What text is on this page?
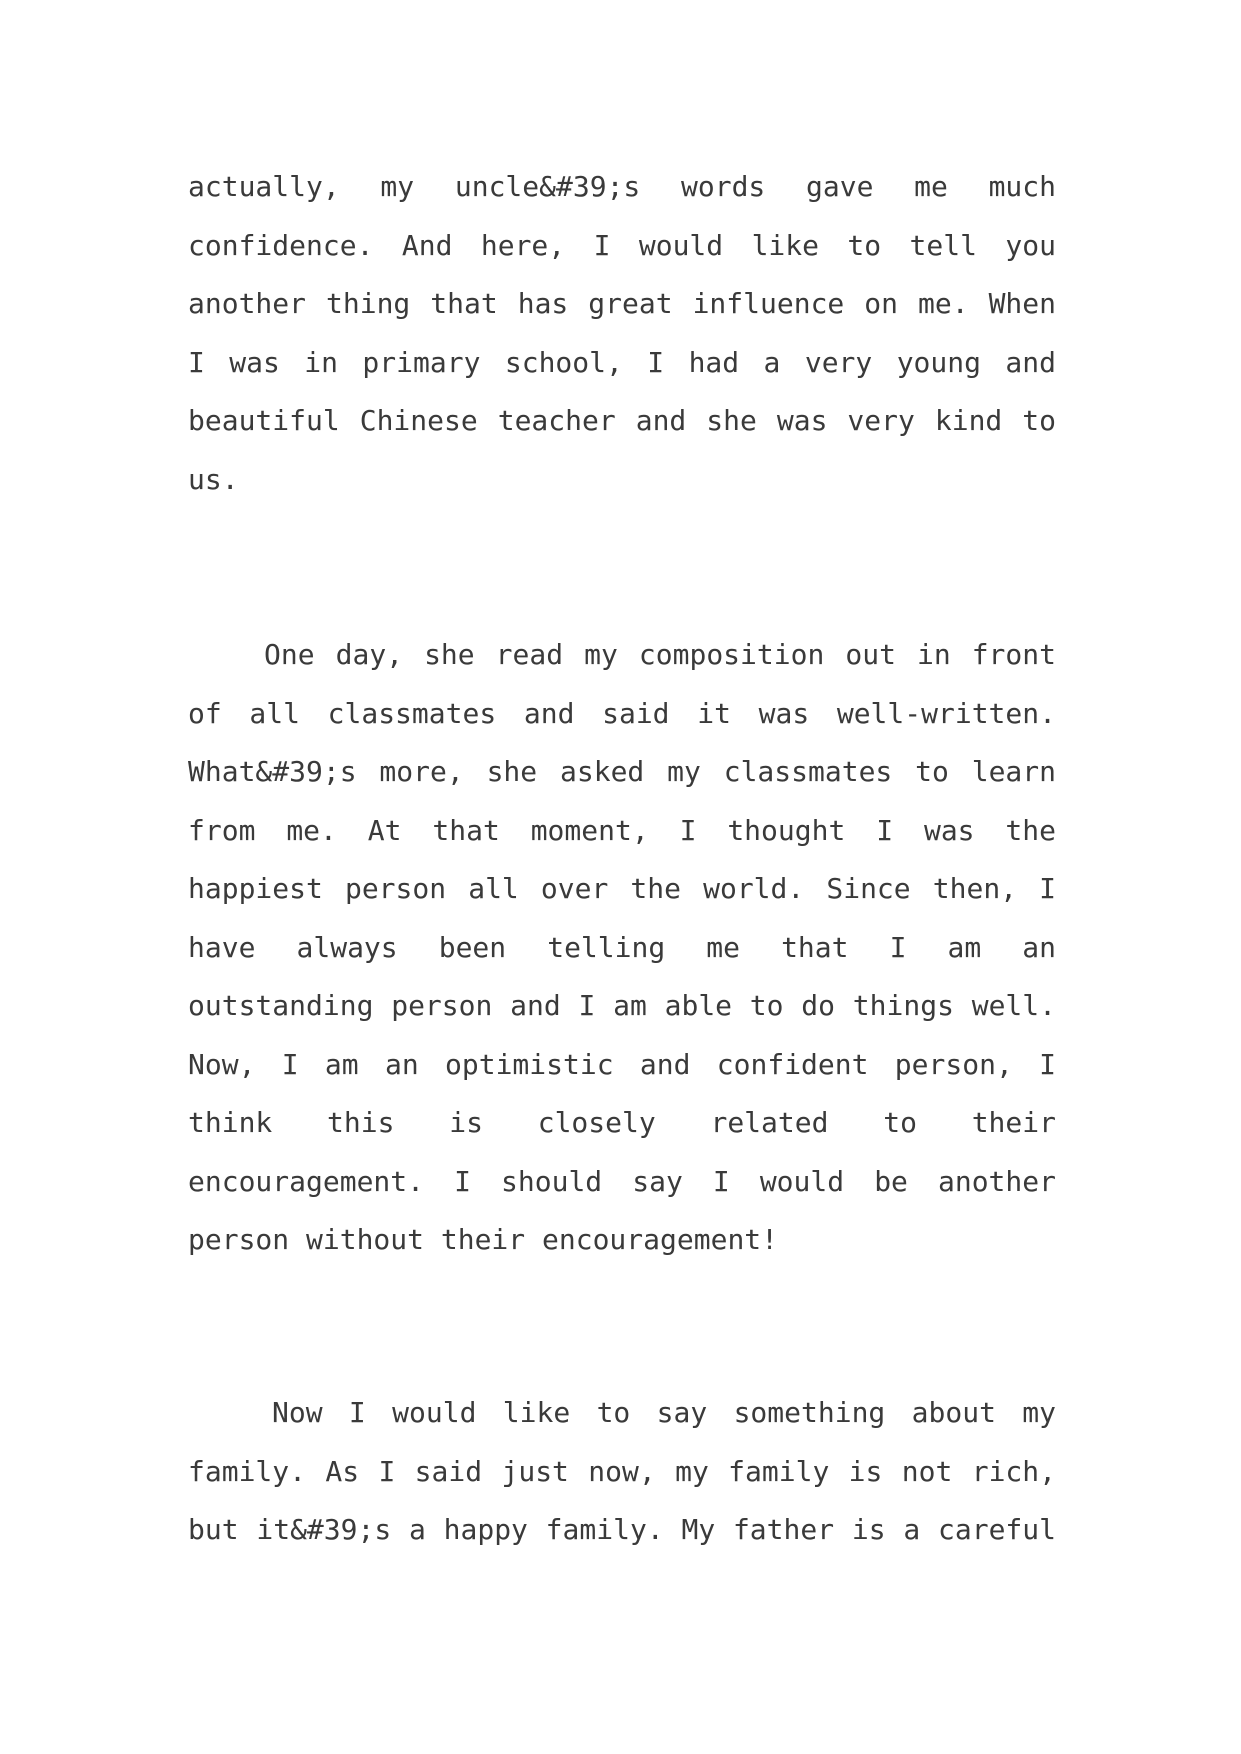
actually, my uncle&#39;s words gave me much
confidence. And here, I would like to tell you
another thing that has great influence on me. When
I was in primary school, I had a very young and
beautiful Chinese teacher and she was very kind to
us.
One day, she read my composition out in front
of all classmates and said it was well-written.
What&#39;s more, she asked my classmates to learn
from me. At that moment, I thought I was the
happiest person all over the world. Since then, I
have always been telling me that I am an
outstanding person and I am able to do things well.
Now, I am an optimistic and confident person, I
think this is closely related to their
encouragement. I should say I would be another
person without their encouragement!
Now I would like to say something about my
family. As I said just now, my family is not rich,
but it&#39;s a happy family. My father is a careful
